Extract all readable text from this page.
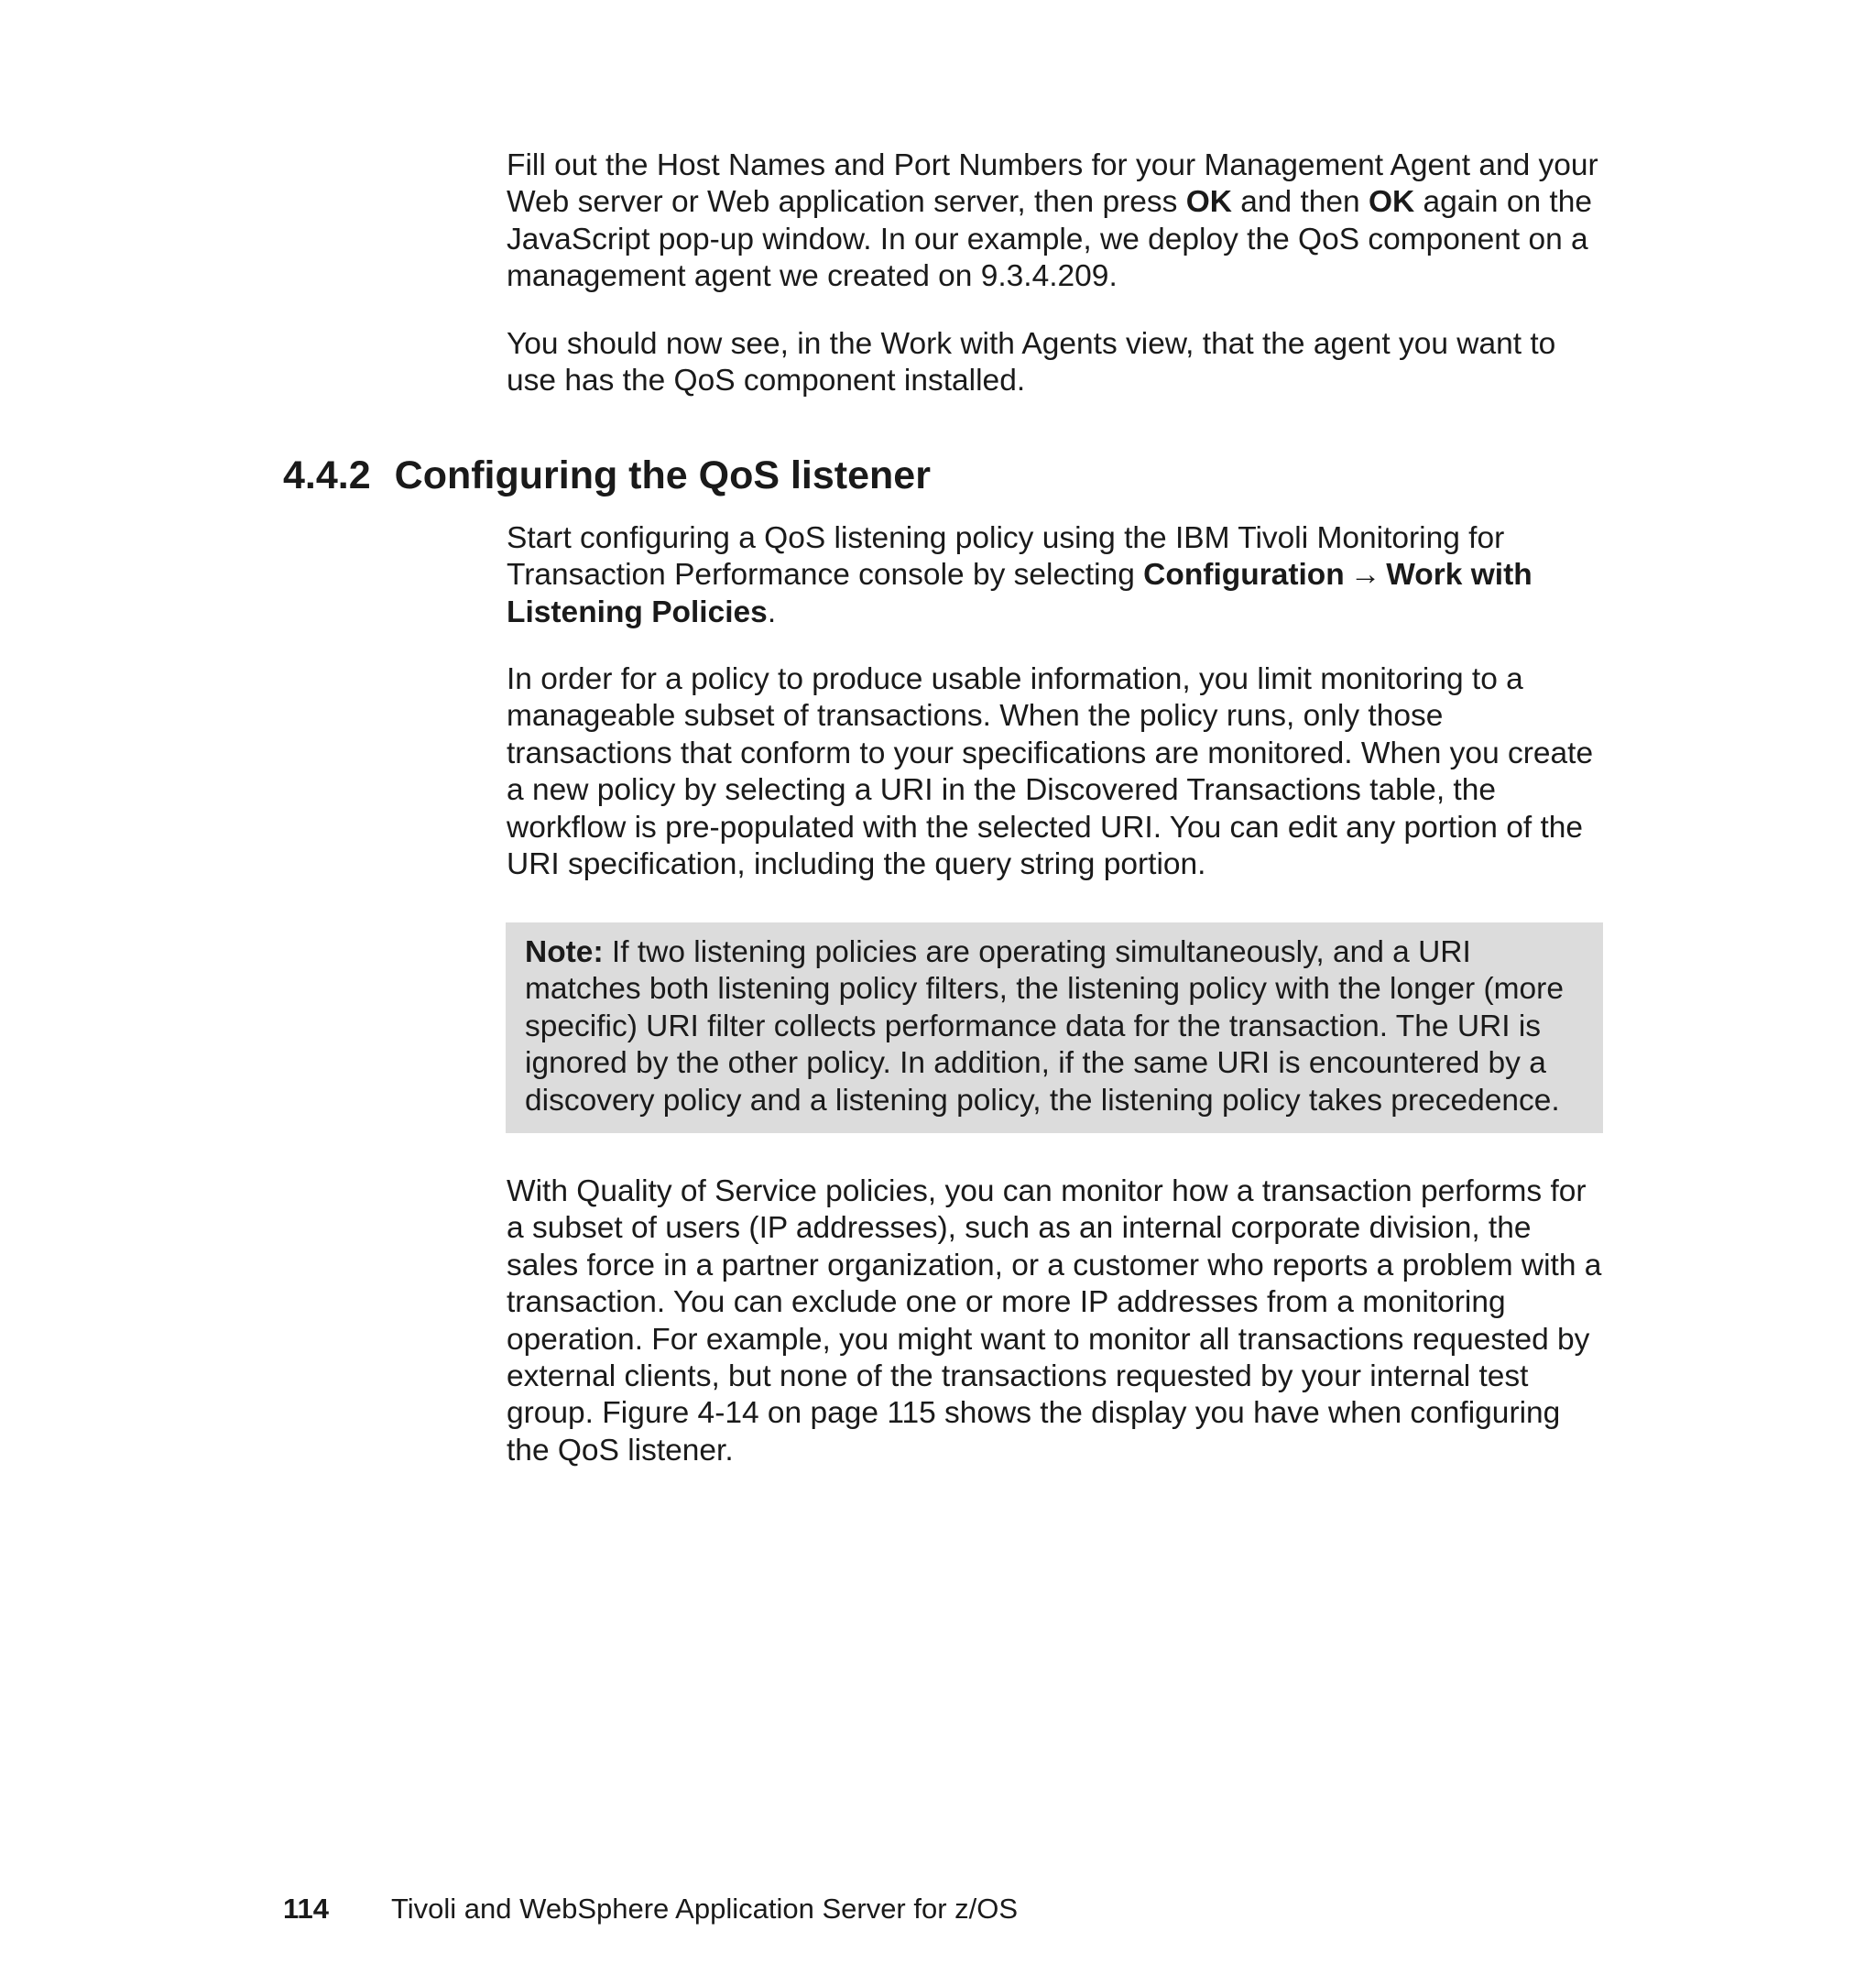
Fill out the Host Names and Port Numbers for your Management Agent and your Web server or Web application server, then press OK and then OK again on the JavaScript pop-up window. In our example, we deploy the QoS component on a management agent we created on 9.3.4.209.

You should now see, in the Work with Agents view, that the agent you want to use has the QoS component installed.

4.4.2 Configuring the QoS listener

Start configuring a QoS listening policy using the IBM Tivoli Monitoring for Transaction Performance console by selecting Configuration → Work with Listening Policies.

In order for a policy to produce usable information, you limit monitoring to a manageable subset of transactions. When the policy runs, only those transactions that conform to your specifications are monitored. When you create a new policy by selecting a URI in the Discovered Transactions table, the workflow is pre-populated with the selected URI. You can edit any portion of the URI specification, including the query string portion.

Note: If two listening policies are operating simultaneously, and a URI matches both listening policy filters, the listening policy with the longer (more specific) URI filter collects performance data for the transaction. The URI is ignored by the other policy. In addition, if the same URI is encountered by a discovery policy and a listening policy, the listening policy takes precedence.

With Quality of Service policies, you can monitor how a transaction performs for a subset of users (IP addresses), such as an internal corporate division, the sales force in a partner organization, or a customer who reports a problem with a transaction. You can exclude one or more IP addresses from a monitoring operation. For example, you might want to monitor all transactions requested by external clients, but none of the transactions requested by your internal test group. Figure 4-14 on page 115 shows the display you have when configuring the QoS listener.

114 Tivoli and WebSphere Application Server for z/OS
